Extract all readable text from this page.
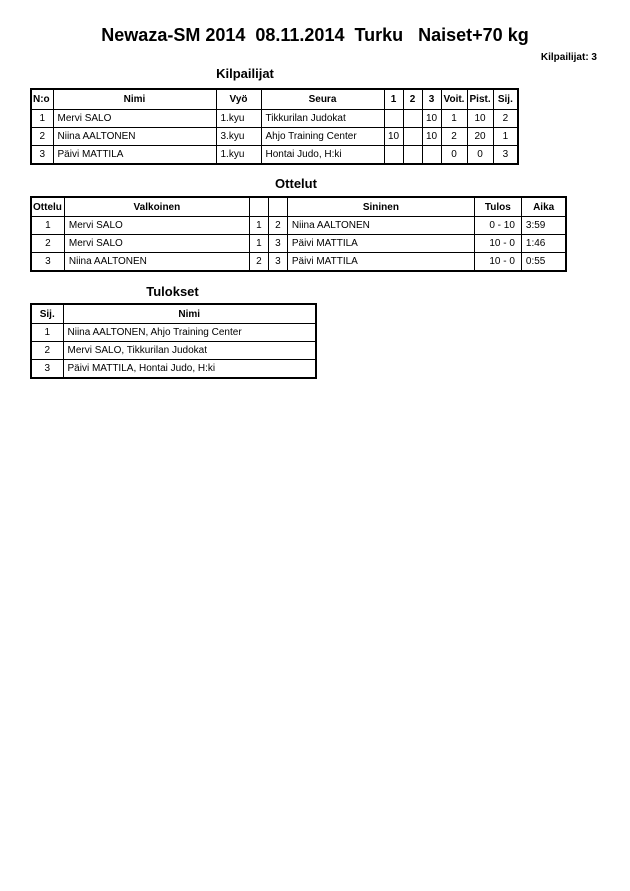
Newaza-SM 2014  08.11.2014  Turku   Naiset+70 kg
Kilpailijat: 3
Kilpailijat
N:o	Nimi	Vyö	Seura	1	2	3	Voit.	Pist.	Sij.
1	Mervi SALO	1.kyu	Tikkurilan Judokat			10	1	10	2
2	Niina AALTONEN	3.kyu	Ahjo Training Center	10		10	2	20	1
3	Päivi MATTILA	1.kyu	Hontai Judo, H:ki				0	0	3
Ottelut
Ottelu	Valkoinen			Sininen	Tulos	Aika
1	Mervi SALO	1	2	Niina AALTONEN	0 - 10	3:59
2	Mervi SALO	1	3	Päivi MATTILA	10 - 0	1:46
3	Niina AALTONEN	2	3	Päivi MATTILA	10 - 0	0:55
Tulokset
Sij.	Nimi
1	Niina AALTONEN, Ahjo Training Center
2	Mervi SALO, Tikkurilan Judokat
3	Päivi MATTILA, Hontai Judo, H:ki
